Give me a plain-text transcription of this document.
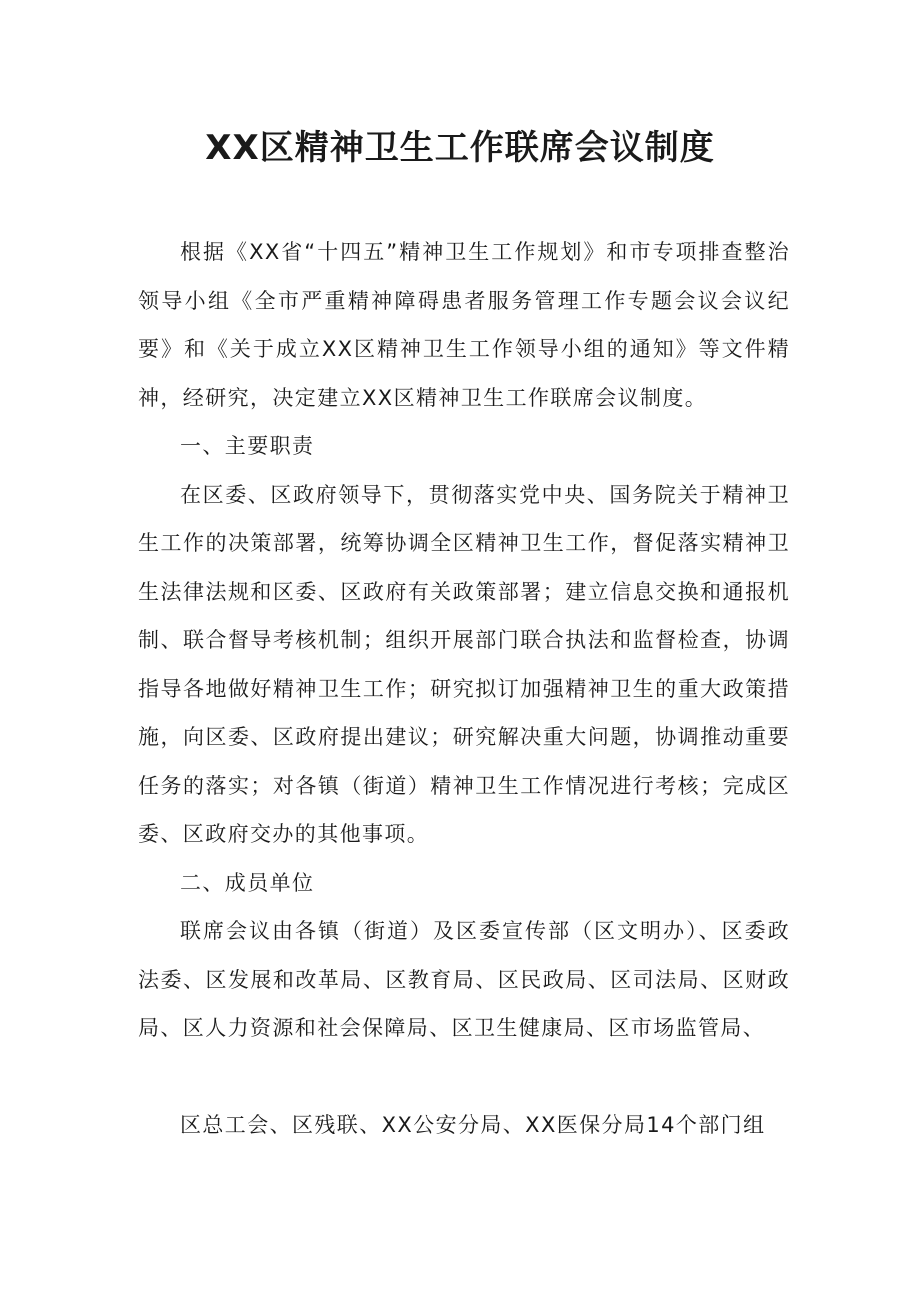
XX区精神卫生工作联席会议制度

根据《XX省“十四五”精神卫生工作规划》和市专项排查整治领导小组《全市严重精神障碍患者服务管理工作专题会议会议纪要》和《关于成立XX区精神卫生工作领导小组的通知》等文件精神，经研究，决定建立XX区精神卫生工作联席会议制度。

一、主要职责

在区委、区政府领导下，贯彻落实党中央、国务院关于精神卫生工作的决策部署，统筹协调全区精神卫生工作，督促落实精神卫生法律法规和区委、区政府有关政策部署；建立信息交换和通报机制、联合督导考核机制；组织开展部门联合执法和监督检查，协调指导各地做好精神卫生工作；研究拟订加强精神卫生的重大政策措施，向区委、区政府提出建议；研究解决重大问题，协调推动重要任务的落实；对各镇（街道）精神卫生工作情况进行考核；完成区委、区政府交办的其他事项。

二、成员单位

联席会议由各镇（街道）及区委宣传部（区文明办）、区委政法委、区发展和改革局、区教育局、区民政局、区司法局、区财政局、区人力资源和社会保障局、区卫生健康局、区市场监管局、

区总工会、区残联、XX公安分局、XX医保分局14个部门组
